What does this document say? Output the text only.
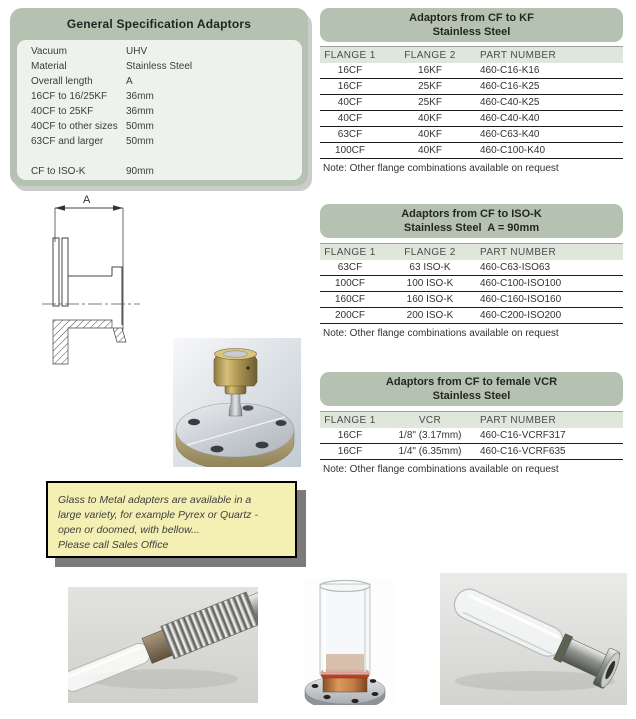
General Specification Adaptors
Vacuum	UHV
Material	Stainless Steel
Overall length	A
16CF to 16/25KF 36mm
40CF to 25KF	36mm
40CF to other sizes 50mm
63CF and larger 50mm
CF to ISO-K	90mm
A
Adaptors from CF to KF
Stainless Steel
FLANGE 1	FLANGE 2	PART NUMBER
16CF	16KF	460-C16-K16
16CF	25KF	460-C16-K25
40CF	25KF	460-C40-K25
40CF	40KF	460-C40-K40
63CF	40KF	460-C63-K40
100CF	40KF	460-C100-K40
Note: Other flange combinations available on request
Adaptors from CF to ISO-K
Stainless Steel  A = 90mm
FLANGE 1	FLANGE 2	PART NUMBER
63CF	63 ISO-K	460-C63-ISO63
100CF	100 ISO-K	460-C100-ISO100
160CF	160 ISO-K	460-C160-ISO160
200CF	200 ISO-K	460-C200-ISO200
Note: Other flange combinations available on request
Adaptors from CF to female VCR
Stainless Steel
FLANGE 1	VCR	PART NUMBER
16CF	1/8" (3.17mm)	460-C16-VCRF317
16CF	1/4" (6.35mm)	460-C16-VCRF635
Note: Other flange combinations available on request
Glass to Metal adapters are available in a
large variety, for example Pyrex or Quartz -
open or doomed, with bellow...
Please call Sales Office
